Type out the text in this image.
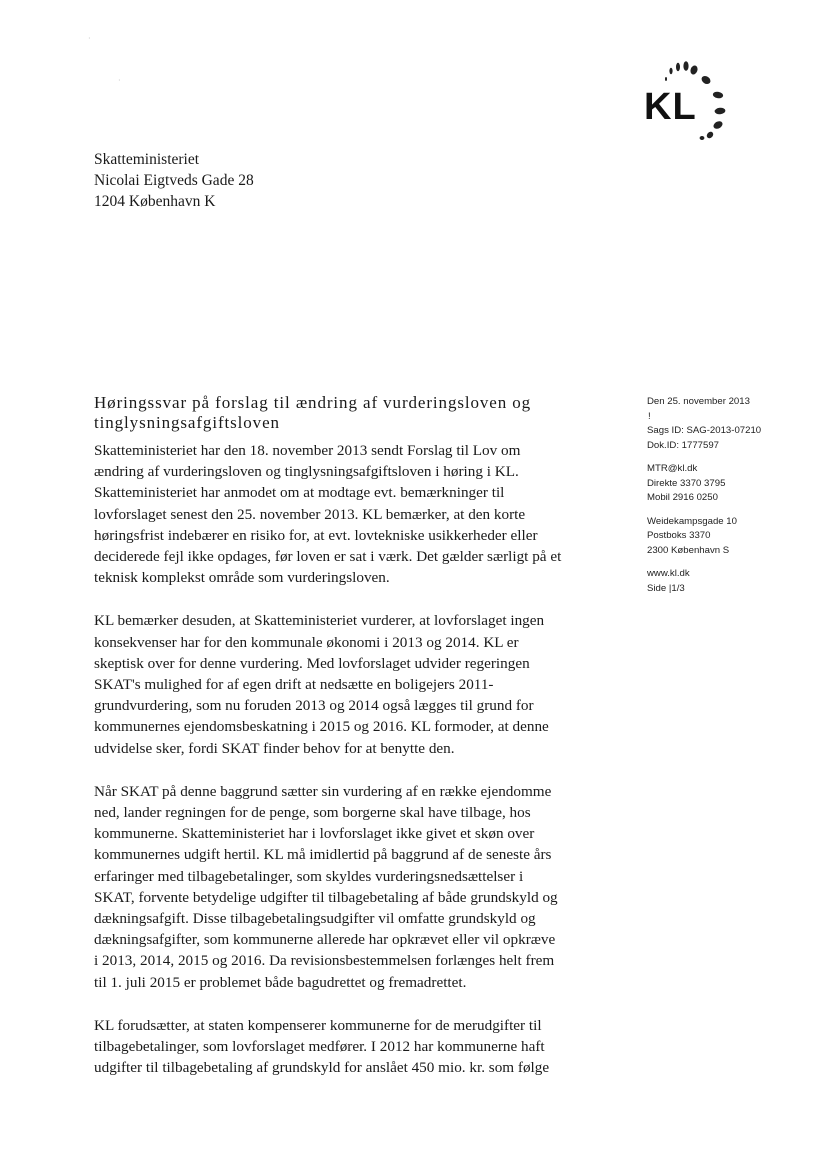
·
·
KL
Skatteministeriet
Nicolai Eigtveds Gade 28
1204 København K
Den 25. november 2013
!
Sags ID: SAG-2013-07210
Dok.ID: 1777597
MTR@kl.dk
Direkte 3370 3795
Mobil 2916 0250
Weidekampsgade 10
Postboks 3370
2300 København S
www.kl.dk
Side |1/3
Høringssvar på forslag til ændring af vurderingsloven og
tinglysningsafgiftsloven

Skatteministeriet har den 18. november 2013 sendt Forslag til Lov om
ændring af vurderingsloven og tinglysningsafgiftsloven i høring i KL.
Skatteministeriet har anmodet om at modtage evt. bemærkninger til
lovforslaget senest den 25. november 2013. KL bemærker, at den korte
høringsfrist indebærer en risiko for, at evt. lovtekniske usikkerheder eller
deciderede fejl ikke opdages, før loven er sat i værk. Det gælder særligt på et
teknisk komplekst område som vurderingsloven.

KL bemærker desuden, at Skatteministeriet vurderer, at lovforslaget ingen
konsekvenser har for den kommunale økonomi i 2013 og 2014. KL er
skeptisk over for denne vurdering. Med lovforslaget udvider regeringen
SKAT's mulighed for af egen drift at nedsætte en boligejers 2011-
grundvurdering, som nu foruden 2013 og 2014 også lægges til grund for
kommunernes ejendomsbeskatning i 2015 og 2016. KL formoder, at denne
udvidelse sker, fordi SKAT finder behov for at benytte den.

Når SKAT på denne baggrund sætter sin vurdering af en række ejendomme
ned, lander regningen for de penge, som borgerne skal have tilbage, hos
kommunerne. Skatteministeriet har i lovforslaget ikke givet et skøn over
kommunernes udgift hertil. KL må imidlertid på baggrund af de seneste års
erfaringer med tilbagebetalinger, som skyldes vurderingsnedsættelser i
SKAT, forvente betydelige udgifter til tilbagebetaling af både grundskyld og
dækningsafgift. Disse tilbagebetalingsudgifter vil omfatte grundskyld og
dækningsafgifter, som kommunerne allerede har opkrævet eller vil opkræve
i 2013, 2014, 2015 og 2016. Da revisionsbestemmelsen forlænges helt frem
til 1. juli 2015 er problemet både bagudrettet og fremadrettet.

KL forudsætter, at staten kompenserer kommunerne for de merudgifter til
tilbagebetalinger, som lovforslaget medfører. I 2012 har kommunerne haft
udgifter til tilbagebetaling af grundskyld for anslået 450 mio. kr. som følge
